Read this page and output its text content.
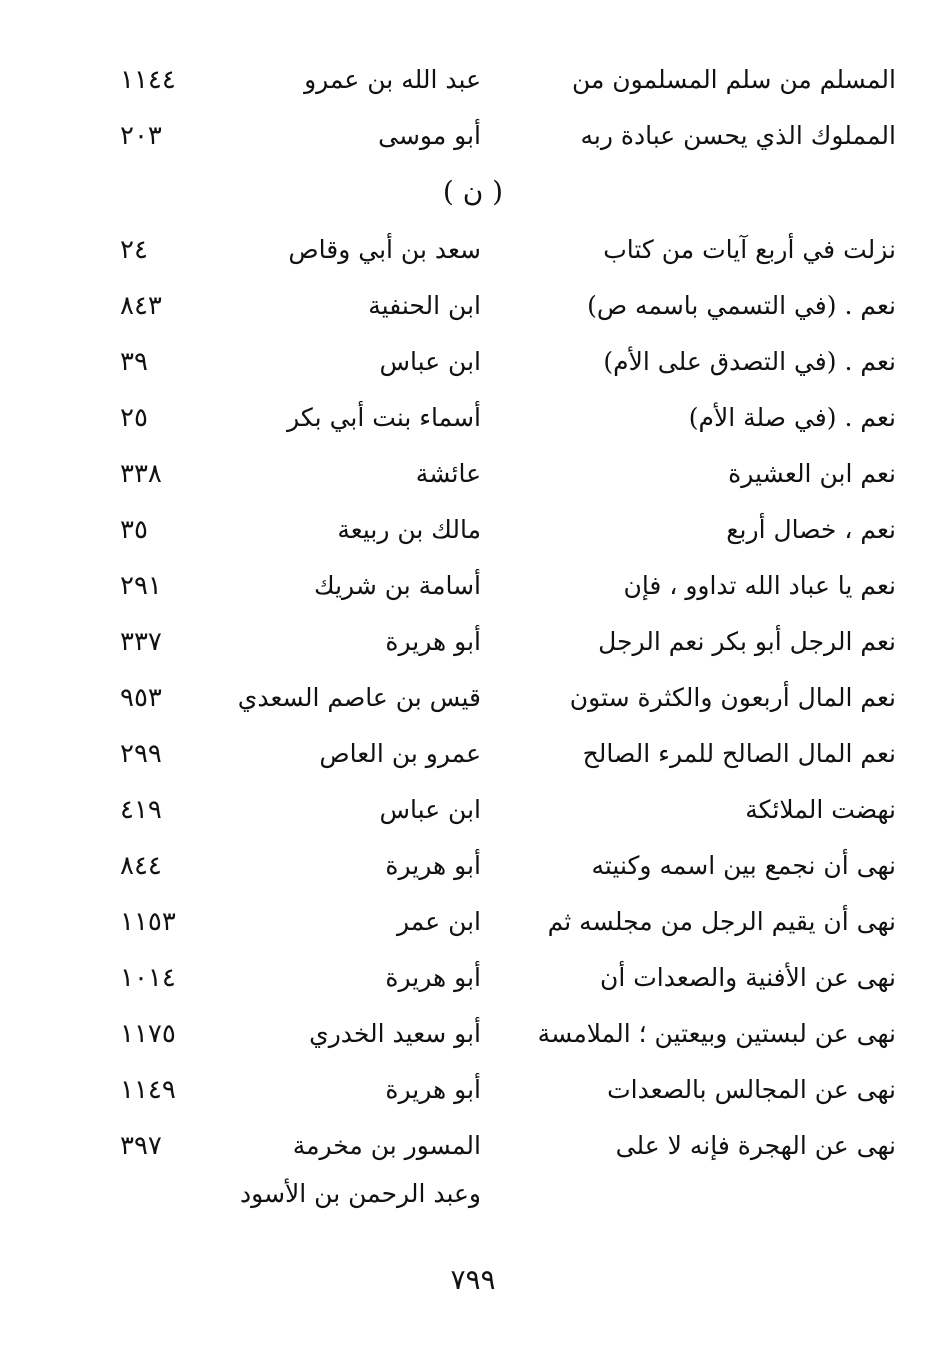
المسلم من سلم المسلمون من
عبد الله بن عمرو
١١٤٤
المملوك الذي يحسن عبادة ربه
أبو موسى
٢٠٣
( ن )
نزلت في أربع آيات من كتاب
سعد بن أبي وقاص
٢٤
نعم . (في التسمي باسمه ص)
ابن الحنفية
٨٤٣
نعم . (في التصدق على الأم)
ابن عباس
٣٩
نعم . (في صلة الأم)
أسماء بنت أبي بكر
٢٥
نعم ابن العشيرة
عائشة
٣٣٨
نعم ، خصال أربع
مالك بن ربيعة
٣٥
نعم يا عباد الله تداوو ، فإن
أسامة بن شريك
٢٩١
نعم الرجل أبو بكر نعم الرجل
أبو هريرة
٣٣٧
نعم المال أربعون والكثرة ستون
قيس بن عاصم السعدي
٩٥٣
نعم المال الصالح للمرء الصالح
عمرو بن العاص
٢٩٩
نهضت الملائكة
ابن عباس
٤١٩
نهى أن نجمع بين اسمه وكنيته
أبو هريرة
٨٤٤
نهى أن يقيم الرجل من مجلسه ثم
ابن عمر
١١٥٣
نهى عن الأفنية والصعدات أن
أبو هريرة
١٠١٤
نهى عن لبستين وبيعتين ؛ الملامسة
أبو سعيد الخدري
١١٧٥
نهى عن المجالس بالصعدات
أبو هريرة
١١٤٩
نهى عن الهجرة فإنه لا على
المسور بن مخرمة
٣٩٧
وعبد الرحمن بن الأسود
٧٩٩
